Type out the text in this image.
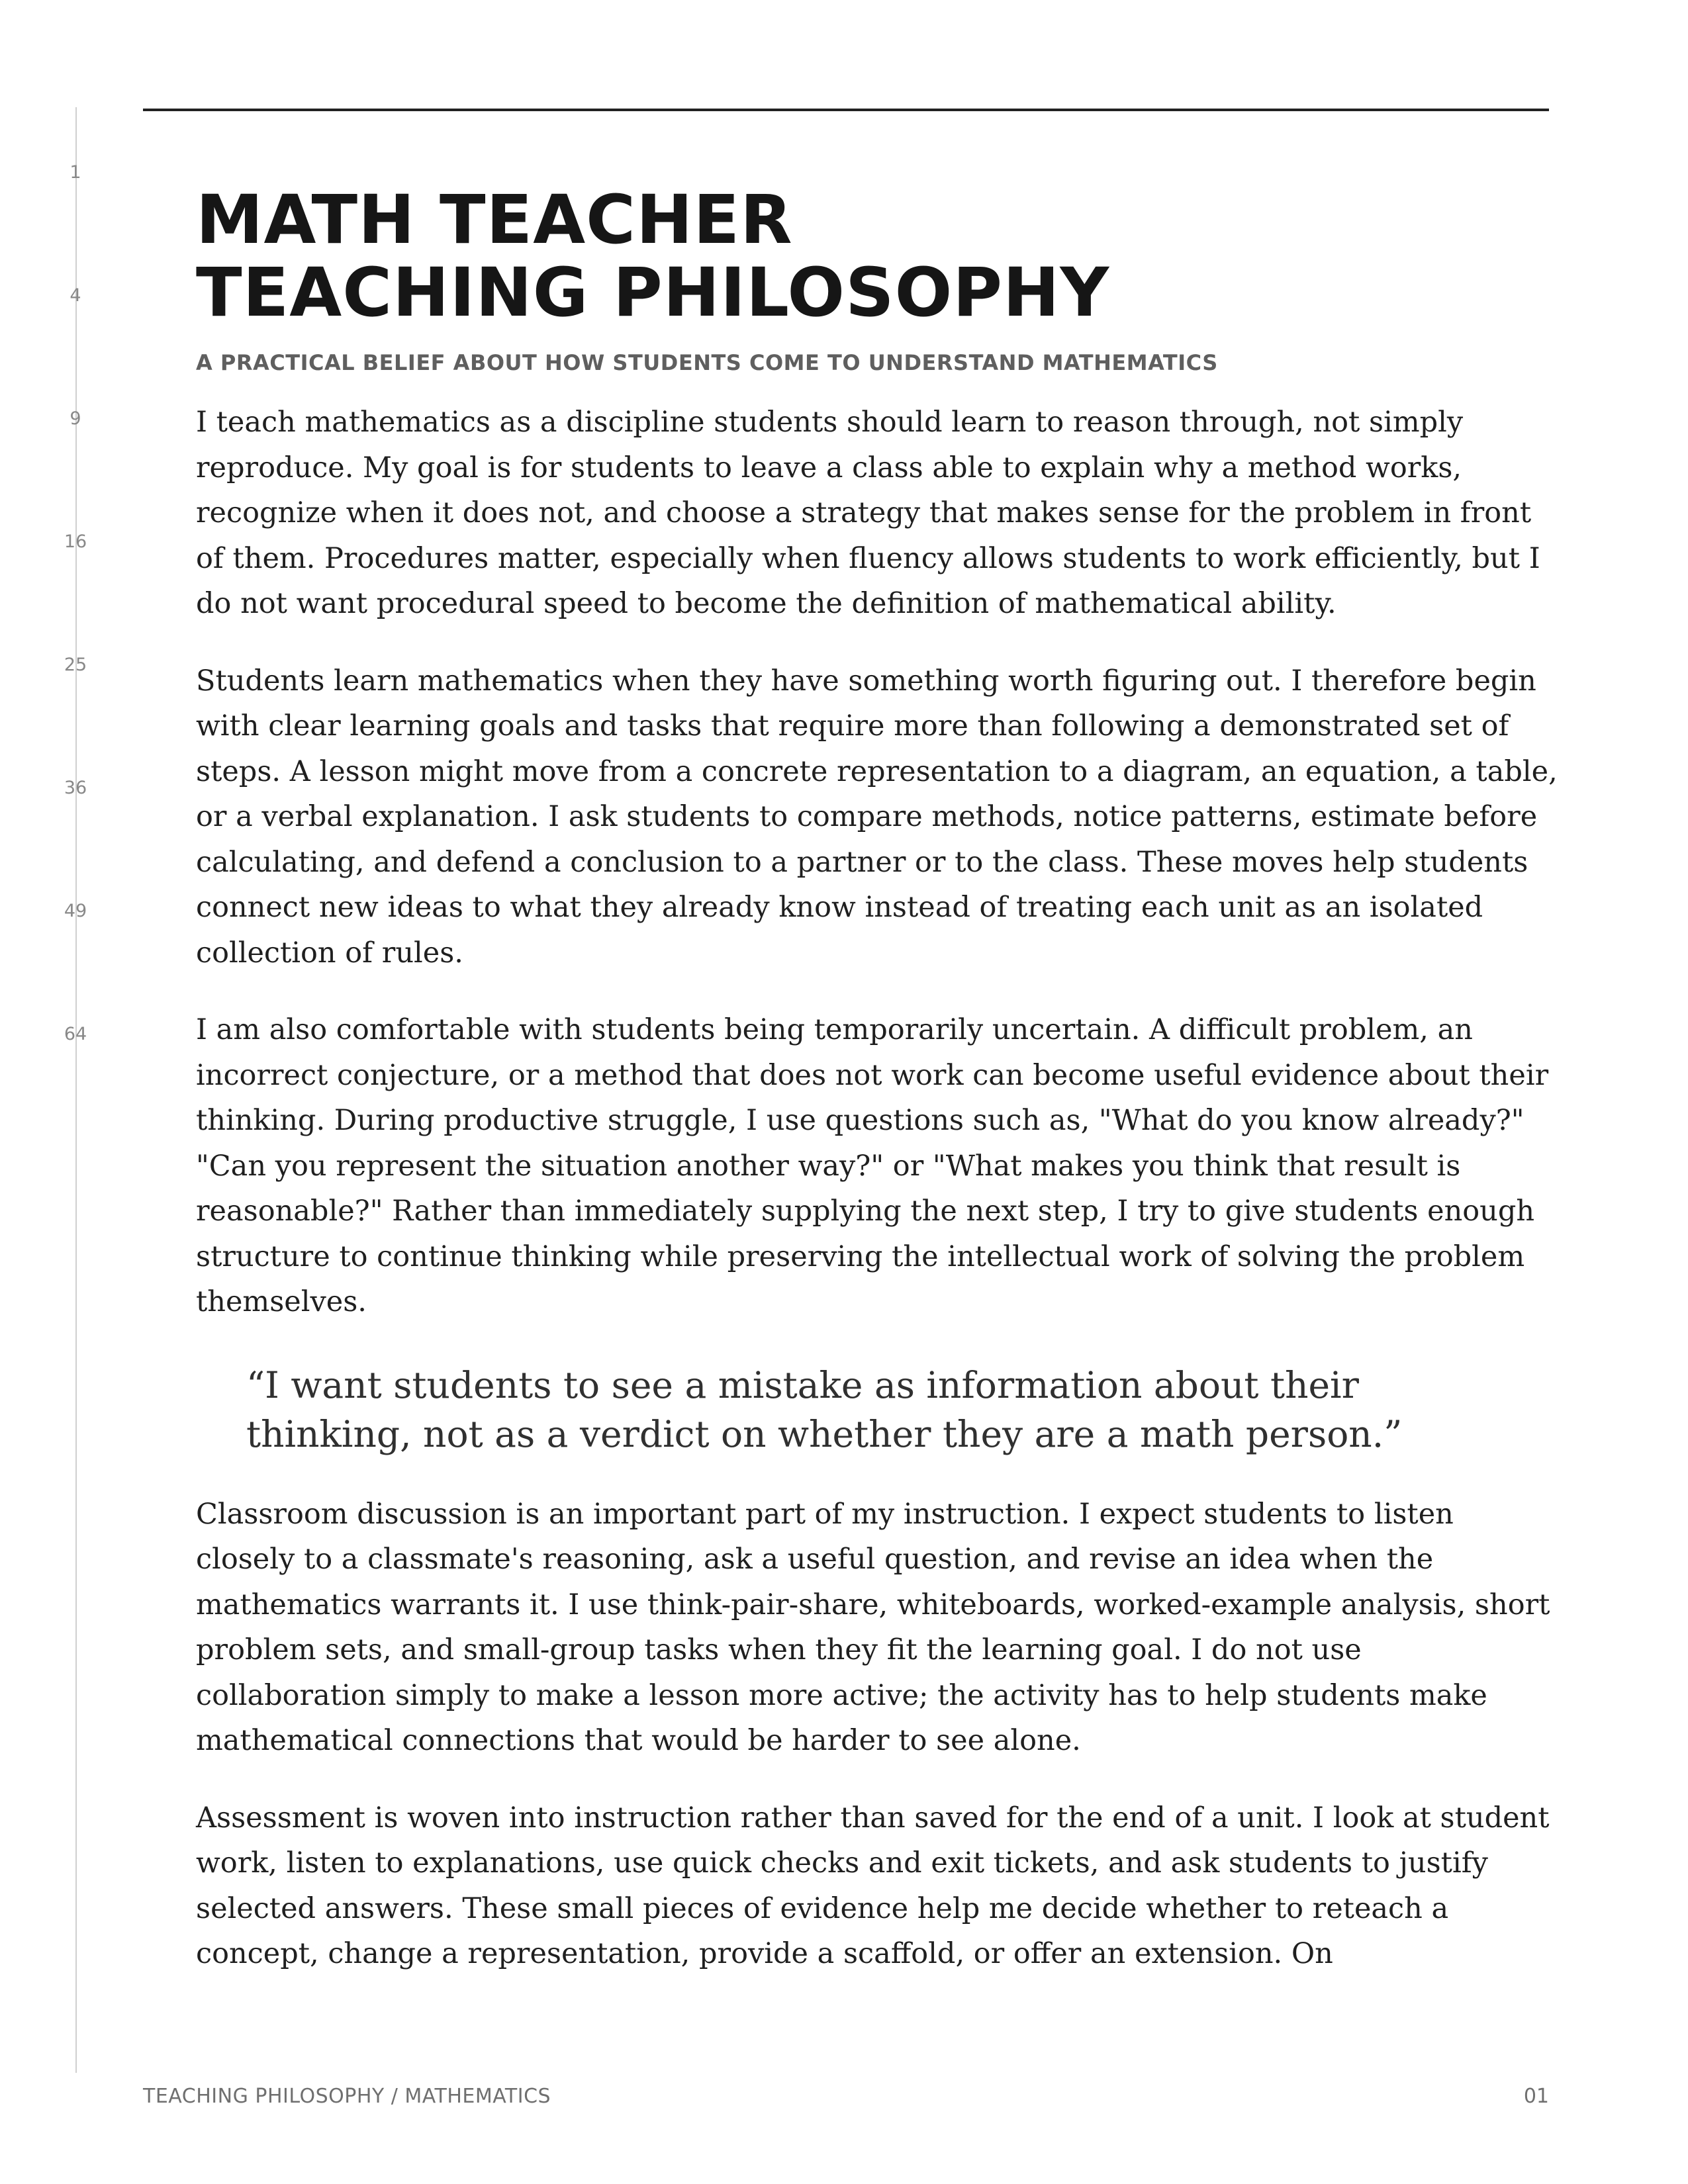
1
4
9
16
25
36
49
64
MATH TEACHER
TEACHING PHILOSOPHY

A PRACTICAL BELIEF ABOUT HOW STUDENTS COME TO UNDERSTAND MATHEMATICS

I teach mathematics as a discipline students should learn to reason through, not simply reproduce. My goal is for students to leave a class able to explain why a method works, recognize when it does not, and choose a strategy that makes sense for the problem in front of them. Procedures matter, especially when fluency allows students to work efficiently, but I do not want procedural speed to become the definition of mathematical ability.

Students learn mathematics when they have something worth figuring out. I therefore begin with clear learning goals and tasks that require more than following a demonstrated set of steps. A lesson might move from a concrete representation to a diagram, an equation, a table, or a verbal explanation. I ask students to compare methods, notice patterns, estimate before calculating, and defend a conclusion to a partner or to the class. These moves help students connect new ideas to what they already know instead of treating each unit as an isolated collection of rules.

I am also comfortable with students being temporarily uncertain. A difficult problem, an incorrect conjecture, or a method that does not work can become useful evidence about their thinking. During productive struggle, I use questions such as, "What do you know already?" "Can you represent the situation another way?" or "What makes you think that result is reasonable?" Rather than immediately supplying the next step, I try to give students enough structure to continue thinking while preserving the intellectual work of solving the problem themselves.

“I want students to see a mistake as information about their thinking, not as a verdict on whether they are a math person.”

Classroom discussion is an important part of my instruction. I expect students to listen closely to a classmate's reasoning, ask a useful question, and revise an idea when the mathematics warrants it. I use think-pair-share, whiteboards, worked-example analysis, short problem sets, and small-group tasks when they fit the learning goal. I do not use collaboration simply to make a lesson more active; the activity has to help students make mathematical connections that would be harder to see alone.

Assessment is woven into instruction rather than saved for the end of a unit. I look at student work, listen to explanations, use quick checks and exit tickets, and ask students to justify selected answers. These small pieces of evidence help me decide whether to reteach a concept, change a representation, provide a scaffold, or offer an extension. On

TEACHING PHILOSOPHY / MATHEMATICS	01
